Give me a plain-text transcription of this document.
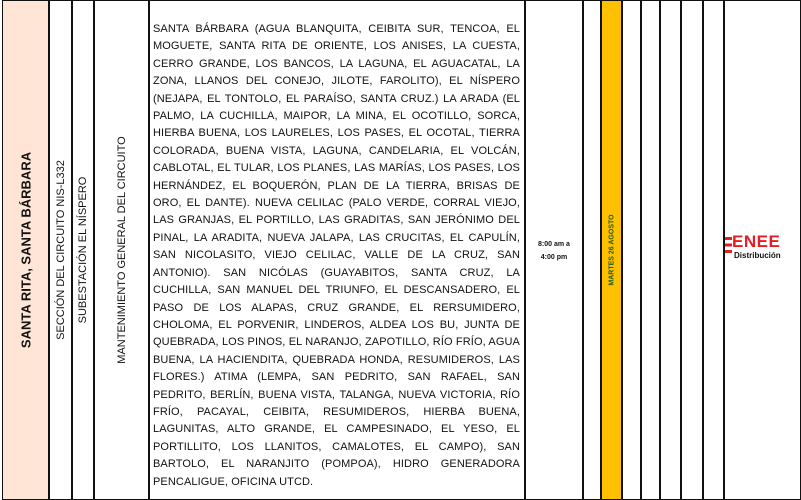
SANTA RITA, SANTA BÁRBARA SECCIÓN DEL CIRCUITO NIS-L332 SUBESTACIÓN EL NÍSPERO MANTENIMIENTO GENERAL DEL CIRCUITO

SANTA BÁRBARA (AGUA BLANQUITA, CEIBITA SUR, TENCOA, EL MOGUETE, SANTA RITA DE ORIENTE, LOS ANISES, LA CUESTA, CERRO GRANDE, LOS BANCOS, LA LAGUNA, EL AGUACATAL, LA ZONA, LLANOS DEL CONEJO, JILOTE, FAROLITO), EL NÍSPERO (NEJAPA, EL TONTOLO, EL PARAÍSO, SANTA CRUZ.) LA ARADA (EL PALMO, LA CUCHILLA, MAIPOR, LA MINA, EL OCOTILLO, SORCA, HIERBA BUENA, LOS LAURELES, LOS PASES, EL OCOTAL, TIERRA COLORADA, BUENA VISTA, LAGUNA, CANDELARIA, EL VOLCÁN, CABLOTAL, EL TULAR, LOS PLANES, LAS MARÍAS, LOS PASES, LOS HERNÁNDEZ, EL BOQUERÓN, PLAN DE LA TIERRA, BRISAS DE ORO, EL DANTE). NUEVA CELILAC (PALO VERDE, CORRAL VIEJO, LAS GRANJAS, EL PORTILLO, LAS GRADITAS, SAN JERÓNIMO DEL PINAL, LA ARADITA, NUEVA JALAPA, LAS CRUCITAS, EL CAPULÍN, SAN NICOLASITO, VIEJO CELILAC, VALLE DE LA CRUZ, SAN ANTONIO). SAN NICÓLAS (GUAYABITOS, SANTA CRUZ, LA CUCHILLA, SAN MANUEL DEL TRIUNFO, EL DESCANSADERO, EL PASO DE LOS ALAPAS, CRUZ GRANDE, EL RERSUMIDERO, CHOLOMA, EL PORVENIR, LINDEROS, ALDEA LOS BU, JUNTA DE QUEBRADA, LOS PINOS, EL NARANJO, ZAPOTILLO, RÍO FRÍO, AGUA BUENA, LA HACIENDITA, QUEBRADA HONDA, RESUMIDEROS, LAS FLORES.) ATIMA (LEMPA, SAN PEDRITO, SAN RAFAEL, SAN PEDRITO, BERLÍN, BUENA VISTA, TALANGA, NUEVA VICTORIA, RÍO FRÍO, PACAYAL, CEIBITA, RESUMIDEROS, HIERBA BUENA, LAGUNITAS, ALTO GRANDE, EL CAMPESINADO, EL YESO, EL PORTILLITO, LOS LLANITOS, CAMALOTES, EL CAMPO), SAN BARTOLO, EL NARANJITO (POMPOA), HIDRO GENERADORA PENCALIGUE, OFICINA UTCD.

8:00 am a
4:00 pm	MARTES 26 AGOSTO	ENEE
Distribución
